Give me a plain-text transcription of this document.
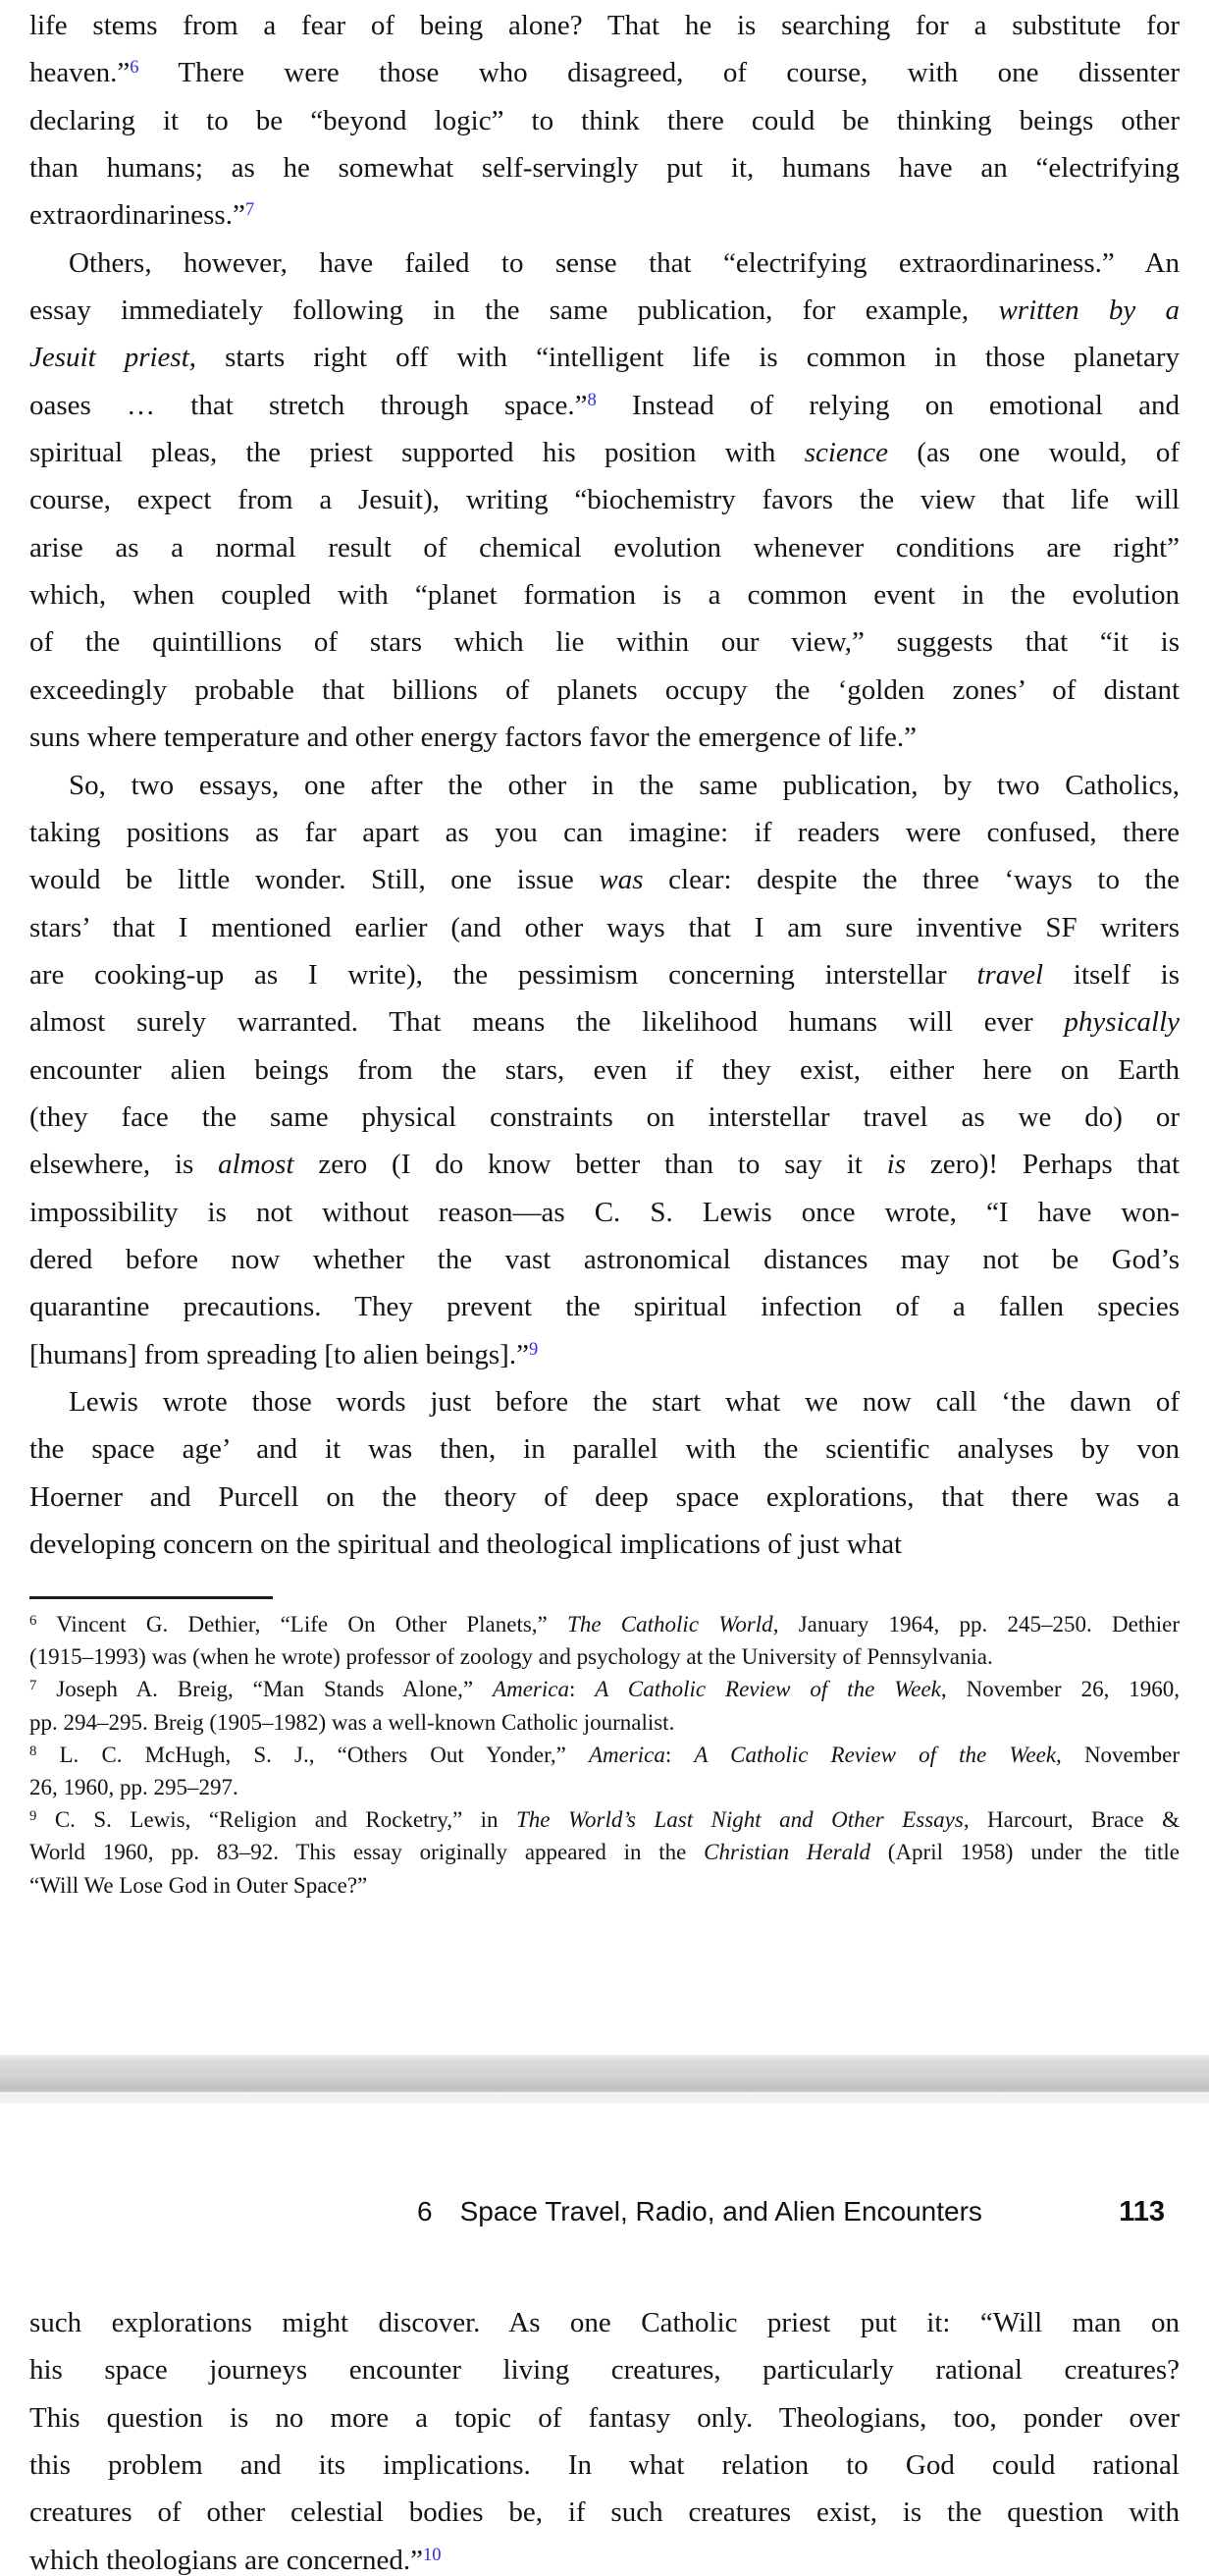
life stems from a fear of being alone? That he is searching for a substitute for
heaven.”$^6$ There were those who disagreed, of course, with one dissenter
declaring it to be “beyond logic” to think there could be thinking beings other
than humans; as he somewhat self-servingly put it, humans have an “electrifying
extraordinariness.”$^7$
Others, however, have failed to sense that “electrifying extraordinariness.” An
essay immediately following in the same publication, for example, written by a
Jesuit priest, starts right off with “intelligent life is common in those planetary
oases … that stretch through space.”$^8$ Instead of relying on emotional and
spiritual pleas, the priest supported his position with science (as one would, of
course, expect from a Jesuit), writing “biochemistry favors the view that life will
arise as a normal result of chemical evolution whenever conditions are right”
which, when coupled with “planet formation is a common event in the evolution
of the quintillions of stars which lie within our view,” suggests that “it is
exceedingly probable that billions of planets occupy the ‘golden zones’ of distant
suns where temperature and other energy factors favor the emergence of life.”
So, two essays, one after the other in the same publication, by two Catholics,
taking positions as far apart as you can imagine: if readers were confused, there
would be little wonder. Still, one issue was clear: despite the three ‘ways to the
stars’ that I mentioned earlier (and other ways that I am sure inventive SF writers
are cooking-up as I write), the pessimism concerning interstellar travel itself is
almost surely warranted. That means the likelihood humans will ever physically
encounter alien beings from the stars, even if they exist, either here on Earth
(they face the same physical constraints on interstellar travel as we do) or
elsewhere, is almost zero (I do know better than to say it is zero)! Perhaps that
impossibility is not without reason—as C. S. Lewis once wrote, “I have won-
dered before now whether the vast astronomical distances may not be God’s
quarantine precautions. They prevent the spiritual infection of a fallen species
[humans] from spreading [to alien beings].”$^9$
Lewis wrote those words just before the start what we now call ‘the dawn of
the space age’ and it was then, in parallel with the scientific analyses by von
Hoerner and Purcell on the theory of deep space explorations, that there was a
developing concern on the spiritual and theological implications of just what
$^6$ Vincent G. Dethier, “Life On Other Planets,” The Catholic World, January 1964, pp. 245–250. Dethier
(1915–1993) was (when he wrote) professor of zoology and psychology at the University of Pennsylvania.
$^7$ Joseph A. Breig, “Man Stands Alone,” America: A Catholic Review of the Week, November 26, 1960,
pp. 294–295. Breig (1905–1982) was a well-known Catholic journalist.
$^8$ L. C. McHugh, S. J., “Others Out Yonder,” America: A Catholic Review of the Week, November
26, 1960, pp. 295–297.
$^9$ C. S. Lewis, “Religion and Rocketry,” in The World’s Last Night and Other Essays, Harcourt, Brace &
World 1960, pp. 83–92. This essay originally appeared in the Christian Herald (April 1958) under the title
“Will We Lose God in Outer Space?”
6 Space Travel, Radio, and Alien Encounters	113
such explorations might discover. As one Catholic priest put it: “Will man on
his space journeys encounter living creatures, particularly rational creatures?
This question is no more a topic of fantasy only. Theologians, too, ponder over
this problem and its implications. In what relation to God could rational
creatures of other celestial bodies be, if such creatures exist, is the question with
which theologians are concerned.”$^{10}$
